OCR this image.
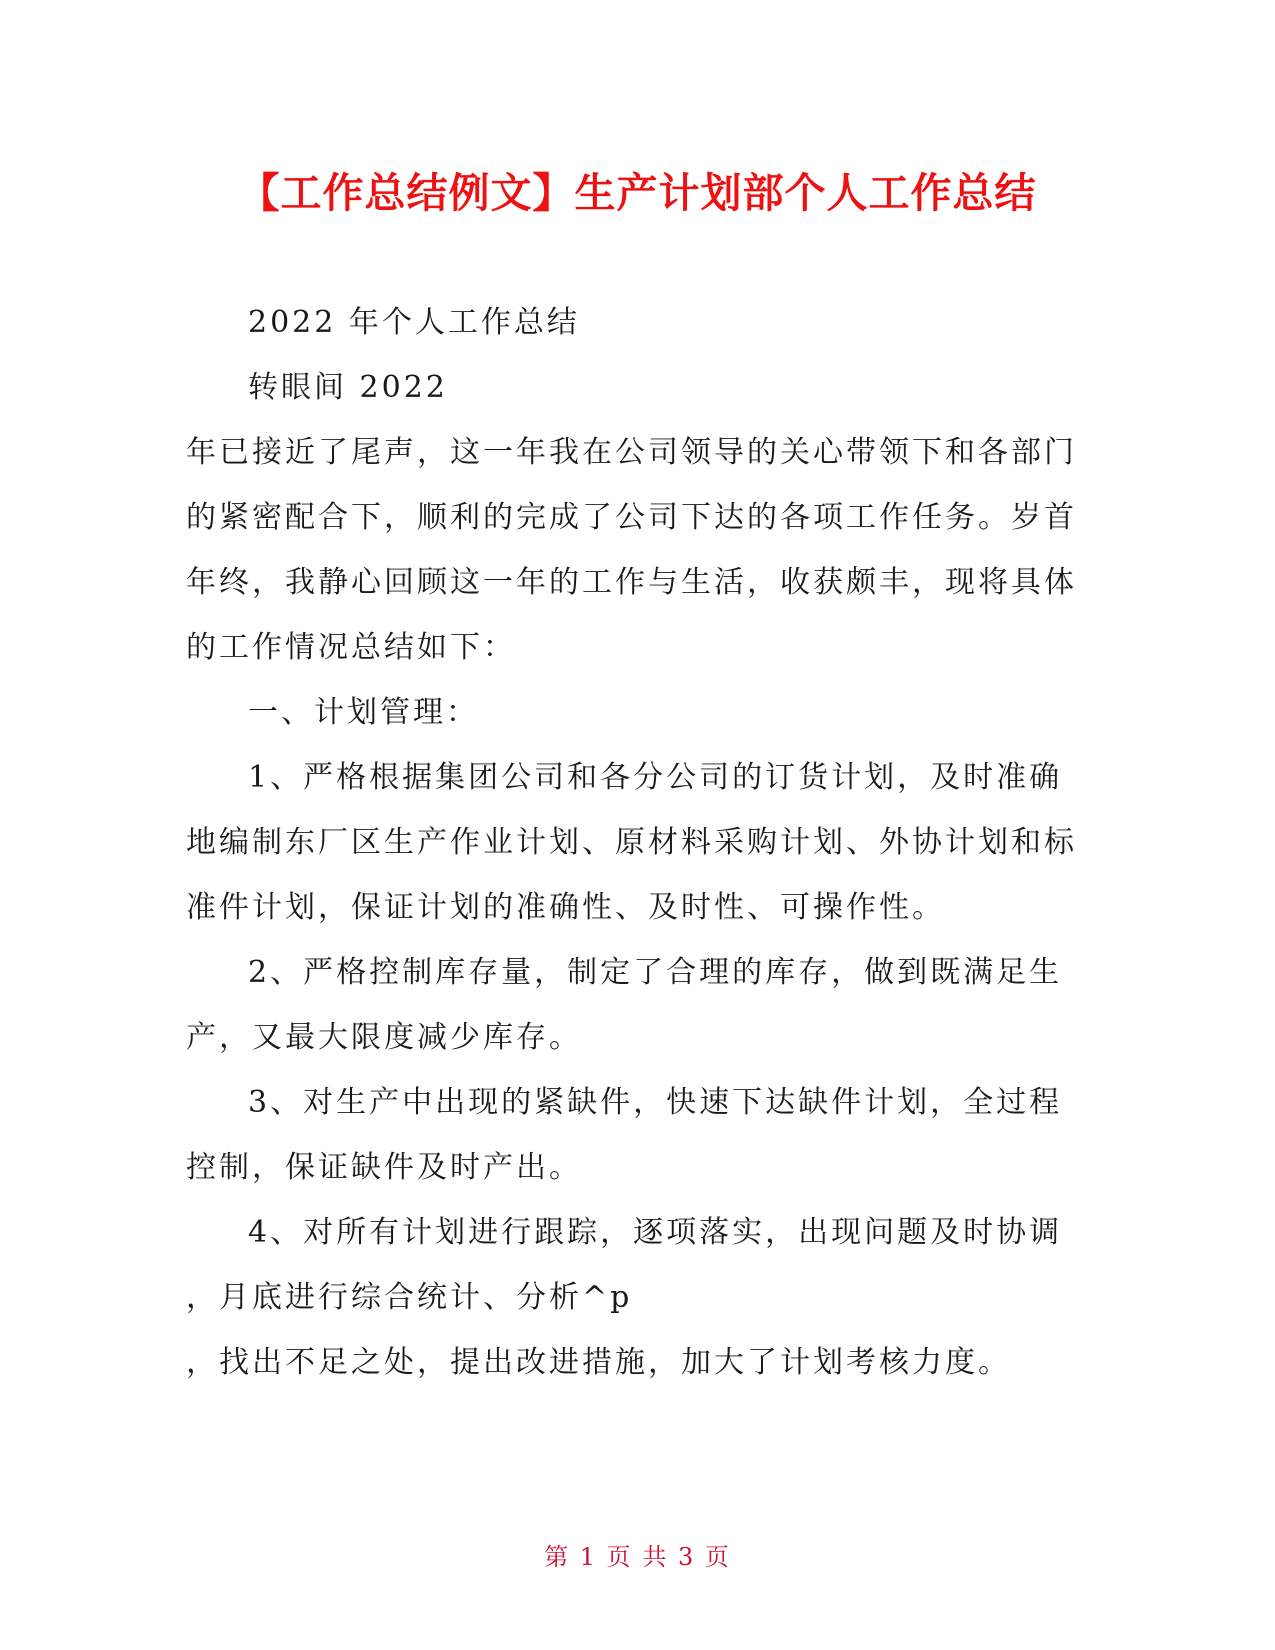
【工作总结例文】生产计划部个人工作总结
2022 年个人工作总结
转眼间 2022
年已接近了尾声，这一年我在公司领导的关心带领下和各部门
的紧密配合下，顺利的完成了公司下达的各项工作任务。岁首
年终，我静心回顾这一年的工作与生活，收获颇丰，现将具体
的工作情况总结如下：
一、计划管理：
1、严格根据集团公司和各分公司的订货计划，及时准确
地编制东厂区生产作业计划、原材料采购计划、外协计划和标
准件计划，保证计划的准确性、及时性、可操作性。
2、严格控制库存量，制定了合理的库存，做到既满足生
产，又最大限度减少库存。
3、对生产中出现的紧缺件，快速下达缺件计划，全过程
控制，保证缺件及时产出。
4、对所有计划进行跟踪，逐项落实，出现问题及时协调
，月底进行综合统计、分析^p
，找出不足之处，提出改进措施，加大了计划考核力度。
第 1 页 共 3 页
